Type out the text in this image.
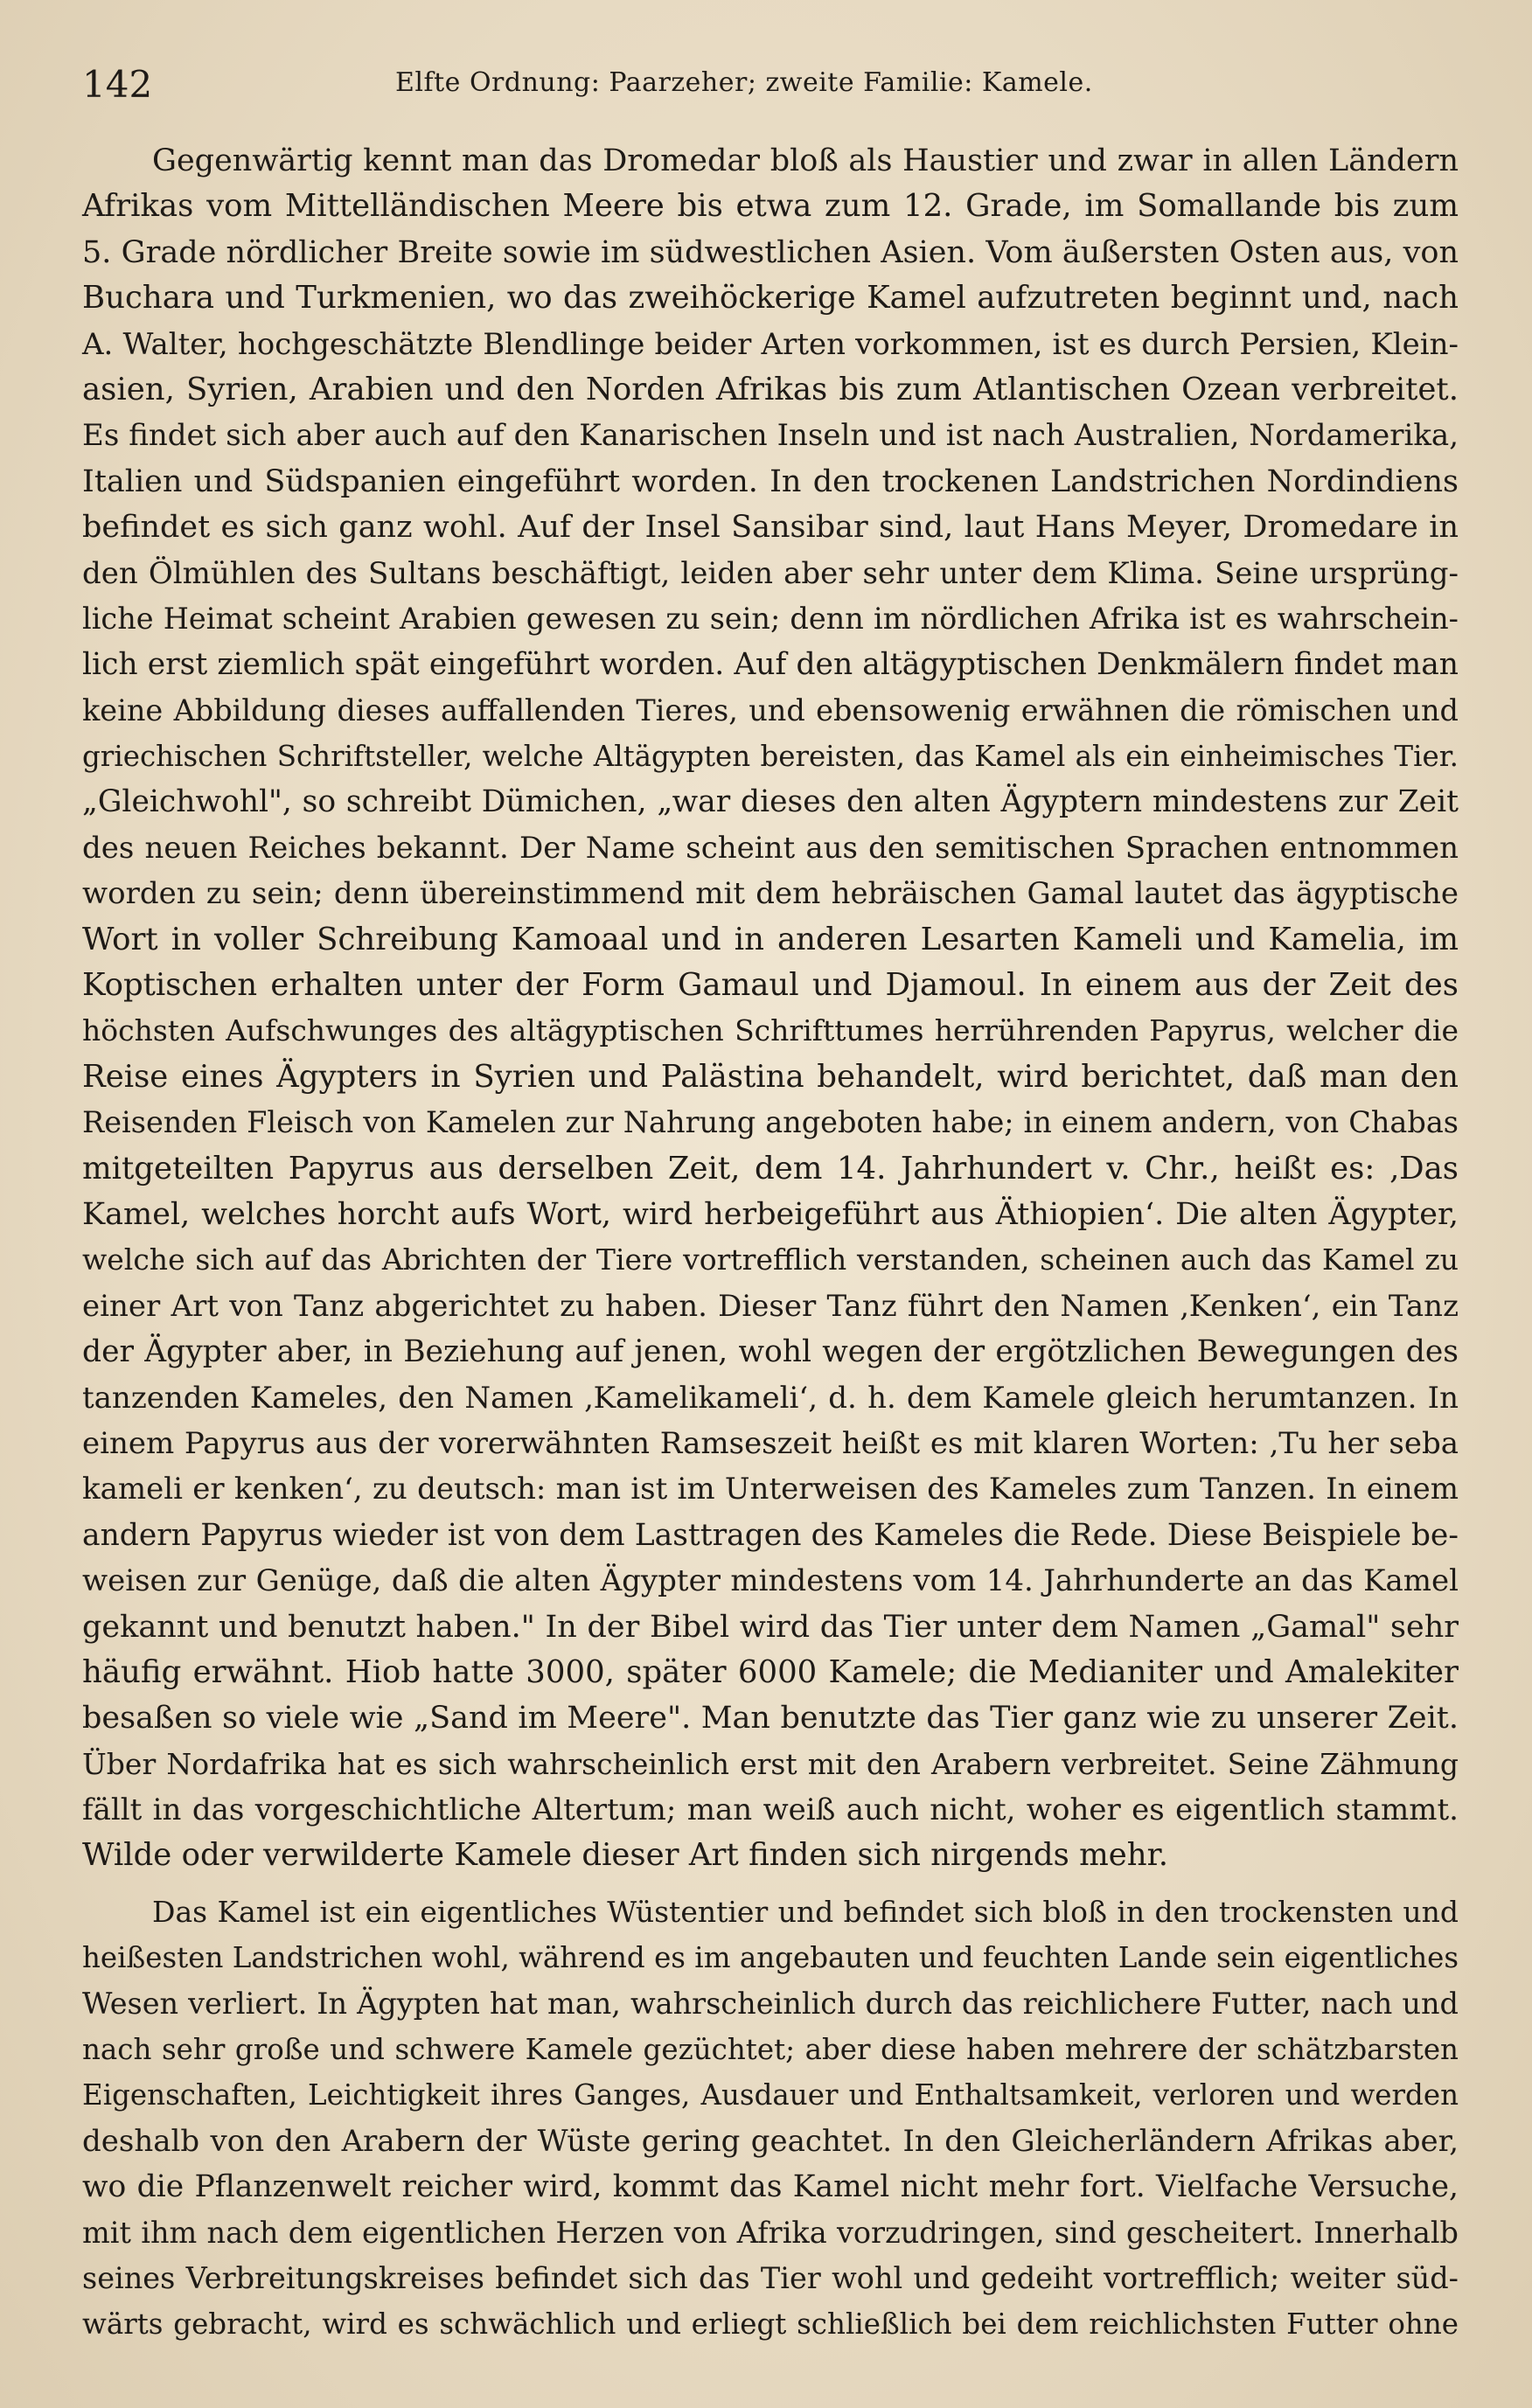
142	Elfte Ordnung: Paarzeher; zweite Familie: Kamele.
Gegenwärtig kennt man das Dromedar bloß als Haustier und zwar in allen Ländern
Afrikas vom Mittelländischen Meere bis etwa zum 12. Grade, im Somallande bis zum
5. Grade nördlicher Breite sowie im südwestlichen Asien. Vom äußersten Osten aus, von
Buchara und Turkmenien, wo das zweihöckerige Kamel aufzutreten beginnt und, nach
A. Walter, hochgeschätzte Blendlinge beider Arten vorkommen, ist es durch Persien, Klein-
asien, Syrien, Arabien und den Norden Afrikas bis zum Atlantischen Ozean verbreitet.
Es findet sich aber auch auf den Kanarischen Inseln und ist nach Australien, Nordamerika,
Italien und Südspanien eingeführt worden. In den trockenen Landstrichen Nordindiens
befindet es sich ganz wohl. Auf der Insel Sansibar sind, laut Hans Meyer, Dromedare in
den Ölmühlen des Sultans beschäftigt, leiden aber sehr unter dem Klima. Seine ursprüng-
liche Heimat scheint Arabien gewesen zu sein; denn im nördlichen Afrika ist es wahrschein-
lich erst ziemlich spät eingeführt worden. Auf den altägyptischen Denkmälern findet man
keine Abbildung dieses auffallenden Tieres, und ebensowenig erwähnen die römischen und
griechischen Schriftsteller, welche Altägypten bereisten, das Kamel als ein einheimisches Tier.
„Gleichwohl", so schreibt Dümichen, „war dieses den alten Ägyptern mindestens zur Zeit
des neuen Reiches bekannt. Der Name scheint aus den semitischen Sprachen entnommen
worden zu sein; denn übereinstimmend mit dem hebräischen Gamal lautet das ägyptische
Wort in voller Schreibung Kamoaal und in anderen Lesarten Kameli und Kamelia, im
Koptischen erhalten unter der Form Gamaul und Djamoul. In einem aus der Zeit des
höchsten Aufschwunges des altägyptischen Schrifttumes herrührenden Papyrus, welcher die
Reise eines Ägypters in Syrien und Palästina behandelt, wird berichtet, daß man den
Reisenden Fleisch von Kamelen zur Nahrung angeboten habe; in einem andern, von Chabas
mitgeteilten Papyrus aus derselben Zeit, dem 14. Jahrhundert v. Chr., heißt es: ‚Das
Kamel, welches horcht aufs Wort, wird herbeigeführt aus Äthiopien‘. Die alten Ägypter,
welche sich auf das Abrichten der Tiere vortrefflich verstanden, scheinen auch das Kamel zu
einer Art von Tanz abgerichtet zu haben. Dieser Tanz führt den Namen ‚Kenken‘, ein Tanz
der Ägypter aber, in Beziehung auf jenen, wohl wegen der ergötzlichen Bewegungen des
tanzenden Kameles, den Namen ‚Kamelikameli‘, d. h. dem Kamele gleich herumtanzen. In
einem Papyrus aus der vorerwähnten Ramseszeit heißt es mit klaren Worten: ‚Tu her seba
kameli er kenken‘, zu deutsch: man ist im Unterweisen des Kameles zum Tanzen. In einem
andern Papyrus wieder ist von dem Lasttragen des Kameles die Rede. Diese Beispiele be-
weisen zur Genüge, daß die alten Ägypter mindestens vom 14. Jahrhunderte an das Kamel
gekannt und benutzt haben." In der Bibel wird das Tier unter dem Namen „Gamal" sehr
häufig erwähnt. Hiob hatte 3000, später 6000 Kamele; die Medianiter und Amalekiter
besaßen so viele wie „Sand im Meere". Man benutzte das Tier ganz wie zu unserer Zeit.
Über Nordafrika hat es sich wahrscheinlich erst mit den Arabern verbreitet. Seine Zähmung
fällt in das vorgeschichtliche Altertum; man weiß auch nicht, woher es eigentlich stammt.
Wilde oder verwilderte Kamele dieser Art finden sich nirgends mehr.
Das Kamel ist ein eigentliches Wüstentier und befindet sich bloß in den trockensten und
heißesten Landstrichen wohl, während es im angebauten und feuchten Lande sein eigentliches
Wesen verliert. In Ägypten hat man, wahrscheinlich durch das reichlichere Futter, nach und
nach sehr große und schwere Kamele gezüchtet; aber diese haben mehrere der schätzbarsten
Eigenschaften, Leichtigkeit ihres Ganges, Ausdauer und Enthaltsamkeit, verloren und werden
deshalb von den Arabern der Wüste gering geachtet. In den Gleicherländern Afrikas aber,
wo die Pflanzenwelt reicher wird, kommt das Kamel nicht mehr fort. Vielfache Versuche,
mit ihm nach dem eigentlichen Herzen von Afrika vorzudringen, sind gescheitert. Innerhalb
seines Verbreitungskreises befindet sich das Tier wohl und gedeiht vortrefflich; weiter süd-
wärts gebracht, wird es schwächlich und erliegt schließlich bei dem reichlichsten Futter ohne
